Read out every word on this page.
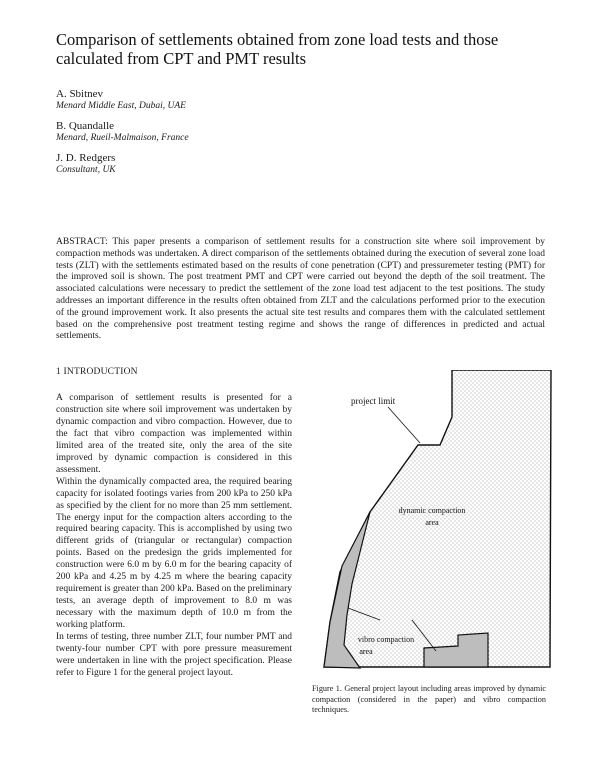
Comparison of settlements obtained from zone load tests and those calculated from CPT and PMT results
A. Sbitnev
Menard Middle East, Dubai, UAE
B. Quandalle
Menard, Rueil-Malmaison, France
J. D. Redgers
Consultant, UK

ABSTRACT: This paper presents a comparison of settlement results for a construction site where soil improvement by compaction methods was undertaken. A direct comparison of the settlements obtained during the execution of several zone load tests (ZLT) with the settlements estimated based on the results of cone penetration (CPT) and pressuremeter testing (PMT) for the improved soil is shown. The post treatment PMT and CPT were carried out beyond the depth of the soil treatment. The associated calculations were necessary to predict the settlement of the zone load test adjacent to the test positions. The study addresses an important difference in the results often obtained from ZLT and the calculations performed prior to the execution of the ground improvement work. It also presents the actual site test results and compares them with the calculated settlement based on the comprehensive post treatment testing regime and shows the range of differences in predicted and actual settlements.

1 INTRODUCTION

A comparison of settlement results is presented for a construction site where soil improvement was undertaken by dynamic compaction and vibro compaction. However, due to the fact that vibro compaction was implemented within limited area of the treated site, only the area of the site improved by dynamic compaction is considered in this assessment.

Within the dynamically compacted area, the required bearing capacity for isolated footings varies from 200 kPa to 250 kPa as specified by the client for no more than 25 mm settlement. The energy input for the compaction alters according to the required bearing capacity. This is accomplished by using two different grids of (triangular or rectangular) compaction points. Based on the predesign the grids implemented for construction were 6.0 m by 6.0 m for the bearing capacity of 200 kPa and 4.25 m by 4.25 m where the bearing capacity requirement is greater than 200 kPa. Based on the preliminary tests, an average depth of improvement to 8.0 m was necessary with the maximum depth of 10.0 m from the working platform.

In terms of testing, three number ZLT, four number PMT and twenty-four number CPT with pore pressure measurement were undertaken in line with the project specification. Please refer to Figure 1 for the general project layout.

project limit
dynamic compaction
area
vibro compaction
area
Figure 1. General project layout including areas improved by dynamic compaction (considered in the paper) and vibro compaction techniques.
